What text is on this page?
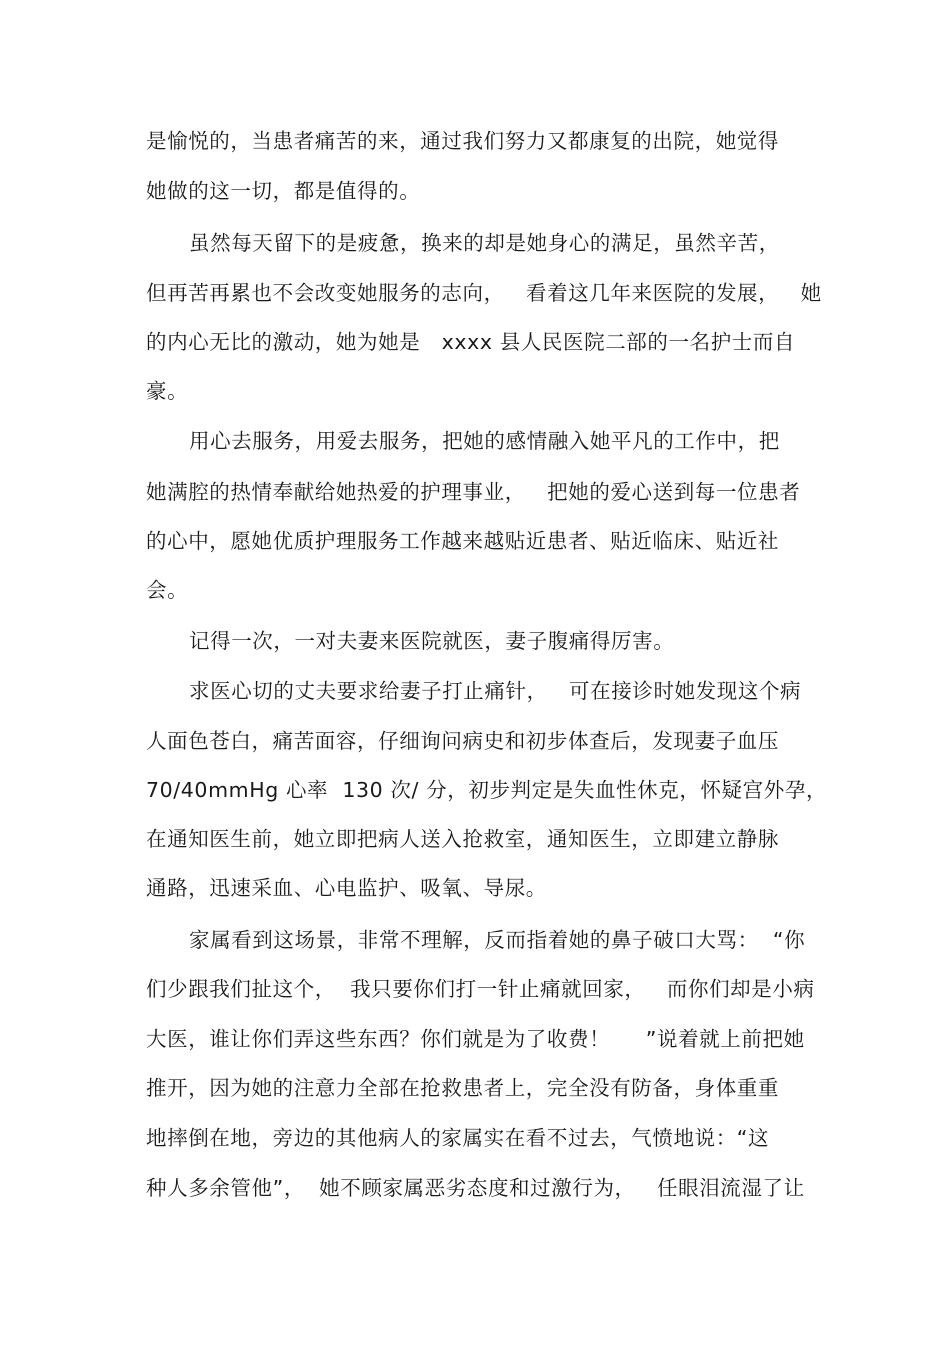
是愉悦的，当患者痛苦的来，通过我们努力又都康复的出院，她觉得

她做的这一切，都是值得的。

虽然每天留下的是疲惫，换来的却是她身心的满足，虽然辛苦，

但再苦再累也不会改变她服务的志向，   看着这几年来医院的发展，   她

的内心无比的激动，她为她是   xxxx 县人民医院二部的一名护士而自

豪。

用心去服务，用爱去服务，把她的感情融入她平凡的工作中，把

她满腔的热情奉献给她热爱的护理事业，   把她的爱心送到每一位患者

的心中，愿她优质护理服务工作越来越贴近患者、贴近临床、贴近社

会。

记得一次，一对夫妻来医院就医，妻子腹痛得厉害。

求医心切的丈夫要求给妻子打止痛针，   可在接诊时她发现这个病

人面色苍白，痛苦面容，仔细询问病史和初步体查后，发现妻子血压

70/40mmHg 心率  130 次/ 分，初步判定是失血性休克，怀疑宫外孕，

在通知医生前，她立即把病人送入抢救室，通知医生，立即建立静脉

通路，迅速采血、心电监护、吸氧、导尿。

家属看到这场景，非常不理解，反而指着她的鼻子破口大骂：  “你

们少跟我们扯这个，  我只要你们打一针止痛就回家，   而你们却是小病

大医，谁让你们弄这些东西？你们就是为了收费！     ”说着就上前把她

推开，因为她的注意力全部在抢救患者上，完全没有防备，身体重重

地摔倒在地，旁边的其他病人的家属实在看不过去，气愤地说：“这

种人多余管他”，  她不顾家属恶劣态度和过激行为，   任眼泪流湿了让
